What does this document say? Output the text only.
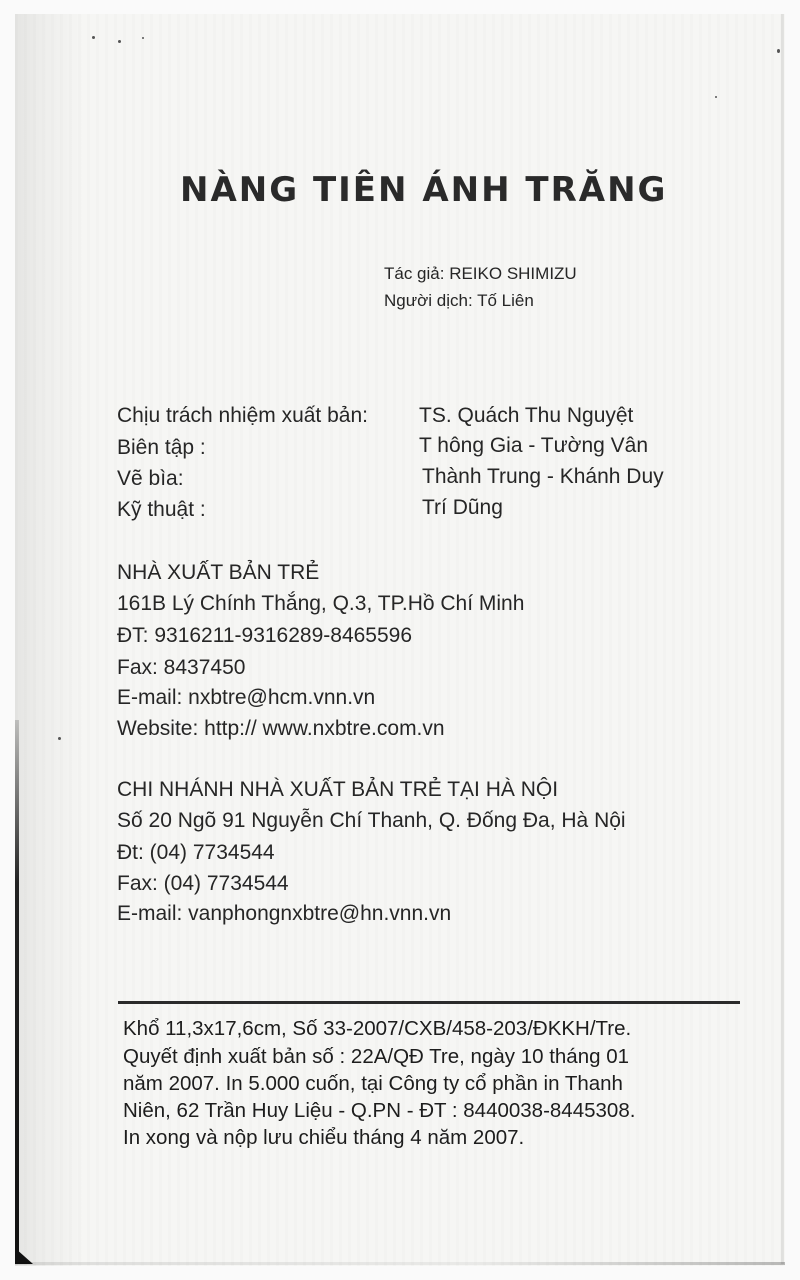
NÀNG TIÊN ÁNH TRĂNG
Tác giả: REIKO SHIMIZU
Người dịch: Tố Liên
Chịu trách nhiệm xuất bản: TS. Quách Thu Nguyệt
Biên tập :	T hông Gia - Tường Vân
Vẽ bìa:	Thành Trung - Khánh Duy
Kỹ thuật :	Trí Dũng
NHÀ XUẤT BẢN TRẺ
161B Lý Chính Thắng, Q.3, TP.Hồ Chí Minh
ĐT: 9316211-9316289-8465596
Fax: 8437450
E-mail: nxbtre@hcm.vnn.vn
Website: http:// www.nxbtre.com.vn
CHI NHÁNH NHÀ XUẤT BẢN TRẺ TẠI HÀ NỘI
Số 20 Ngõ 91 Nguyễn Chí Thanh, Q. Đống Đa, Hà Nội
Đt: (04) 7734544
Fax: (04) 7734544
E-mail: vanphongnxbtre@hn.vnn.vn
Khổ 11,3x17,6cm, Số 33-2007/CXB/458-203/ĐKKH/Tre.
Quyết định xuất bản số : 22A/QĐ Tre, ngày 10 tháng 01
năm 2007. In 5.000 cuốn, tại Công ty cổ phần in Thanh
Niên, 62 Trần Huy Liệu - Q.PN - ĐT : 8440038-8445308.
In xong và nộp lưu chiểu tháng 4 năm 2007.
